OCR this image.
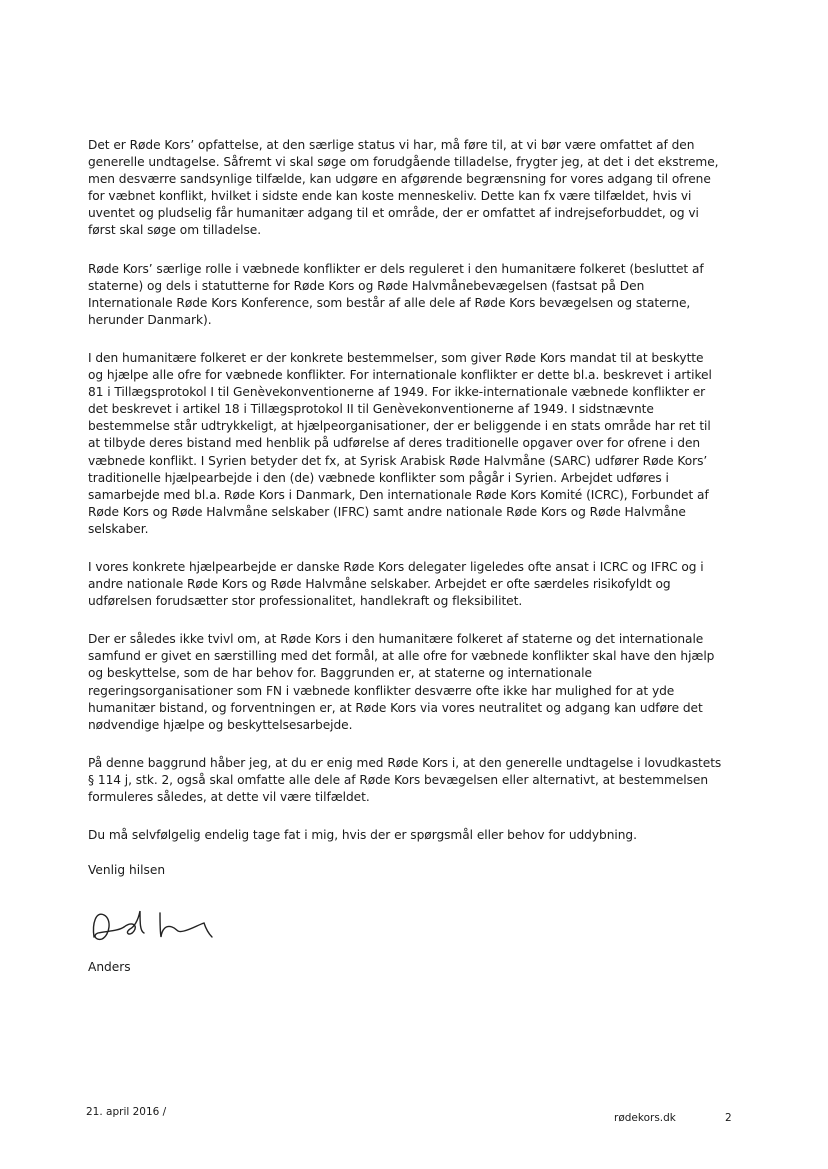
Det er Røde Kors’ opfattelse, at den særlige status vi har, må føre til, at vi bør være omfattet af den generelle undtagelse. Såfremt vi skal søge om forudgående tilladelse, frygter jeg, at det i det ekstreme, men desværre sandsynlige tilfælde, kan udgøre en afgørende begrænsning for vores adgang til ofrene for væbnet konflikt, hvilket i sidste ende kan koste menneskeliv. Dette kan fx være tilfældet, hvis vi uventet og pludselig får humanitær adgang til et område, der er omfattet af indrejseforbuddet, og vi først skal søge om tilladelse.

Røde Kors’ særlige rolle i væbnede konflikter er dels reguleret i den humanitære folkeret (besluttet af staterne) og dels i statutterne for Røde Kors og Røde Halvmånebevægelsen (fastsat på Den Internationale Røde Kors Konference, som består af alle dele af Røde Kors bevægelsen og staterne, herunder Danmark).

I den humanitære folkeret er der konkrete bestemmelser, som giver Røde Kors mandat til at beskytte og hjælpe alle ofre for væbnede konflikter. For internationale konflikter er dette bl.a. beskrevet i artikel 81 i Tillægsprotokol I til Genèvekonventionerne af 1949. For ikke-internationale væbnede konflikter er det beskrevet i artikel 18 i Tillægsprotokol II til Genèvekonventionerne af 1949. I sidstnævnte bestemmelse står udtrykkeligt, at hjælpeorganisationer, der er beliggende i en stats område har ret til at tilbyde deres bistand med henblik på udførelse af deres traditionelle opgaver over for ofrene i den væbnede konflikt. I Syrien betyder det fx, at Syrisk Arabisk Røde Halvmåne (SARC) udfører Røde Kors’ traditionelle hjælpearbejde i den (de) væbnede konflikter som pågår i Syrien. Arbejdet udføres i samarbejde med bl.a. Røde Kors i Danmark, Den internationale Røde Kors Komité (ICRC), Forbundet af Røde Kors og Røde Halvmåne selskaber (IFRC) samt andre nationale Røde Kors og Røde Halvmåne selskaber.

I vores konkrete hjælpearbejde er danske Røde Kors delegater ligeledes ofte ansat i ICRC og IFRC og i andre nationale Røde Kors og Røde Halvmåne selskaber. Arbejdet er ofte særdeles risikofyldt og udførelsen forudsætter stor professionalitet, handlekraft og fleksibilitet.

Der er således ikke tvivl om, at Røde Kors i den humanitære folkeret af staterne og det internationale samfund er givet en særstilling med det formål, at alle ofre for væbnede konflikter skal have den hjælp og beskyttelse, som de har behov for. Baggrunden er, at staterne og internationale regeringsorganisationer som FN i væbnede konflikter desværre ofte ikke har mulighed for at yde humanitær bistand, og forventningen er, at Røde Kors via vores neutralitet og adgang kan udføre det nødvendige hjælpe og beskyttelsesarbejde.

På denne baggrund håber jeg, at du er enig med Røde Kors i, at den generelle undtagelse i lovudkastets § 114 j, stk. 2, også skal omfatte alle dele af Røde Kors bevægelsen eller alternativt, at bestemmelsen formuleres således, at dette vil være tilfældet.

Du må selvfølgelig endelig tage fat i mig, hvis der er spørgsmål eller behov for uddybning.

Venlig hilsen

Anders

21. april 2016 /	rødekors.dk	2
